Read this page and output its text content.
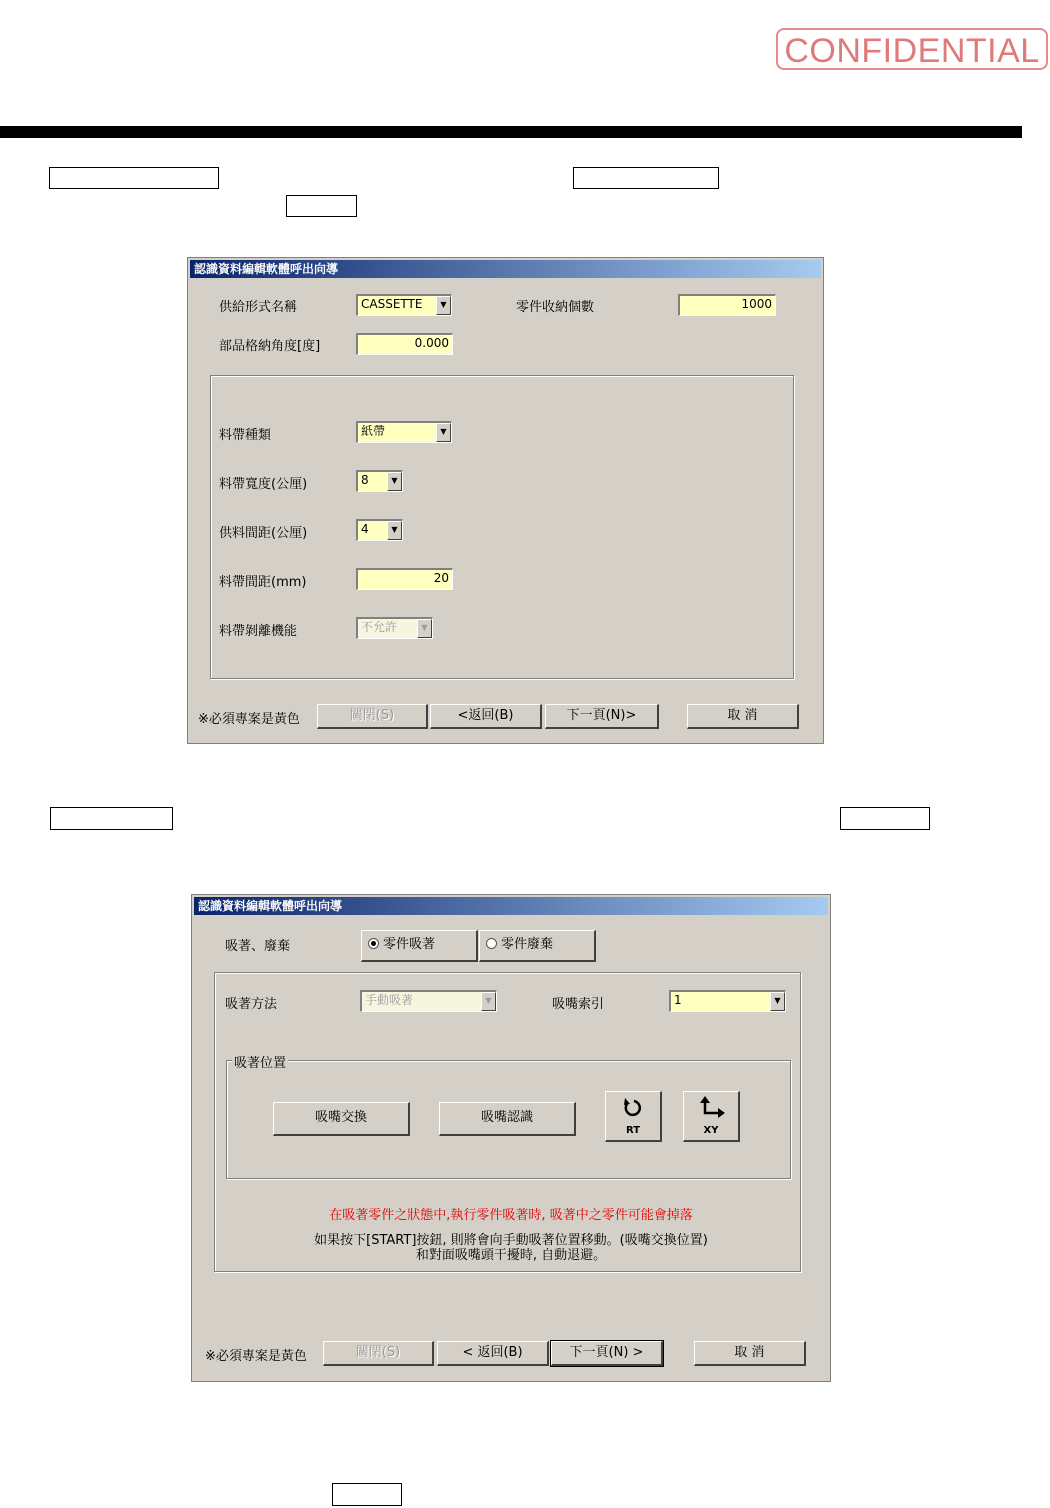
CONFIDENTIAL
認識資料編輯軟體呼出向導
供給形式名稱	CASSETTE	▼	零件收納個數	1000
部品格納角度[度]	0.000
料帶種類	紙帶	▼
料帶寬度(公厘)	8	▼
供料間距(公厘)	4	▼
料帶間距(mm)	20
料帶剝離機能	不允許	▼
※必須專案是黃色	關閉(S)	<返回(B)	下一頁(N)>	取 消
認識資料編輯軟體呼出向導
吸著、廢棄	零件吸著	零件廢棄
吸著方法	手動吸著	▼	吸嘴索引	1	▼
吸著位置
吸嘴交換	吸嘴認識
RT	XY
在吸著零件之狀態中,執行零件吸著時, 吸著中之零件可能會掉落
如果按下[START]按鈕, 則將會向手動吸著位置移動。(吸嘴交換位置)
和對面吸嘴頭干擾時, 自動退避。
※必須專案是黃色	關閉(S)	< 返回(B)	下一頁(N) >	取 消
